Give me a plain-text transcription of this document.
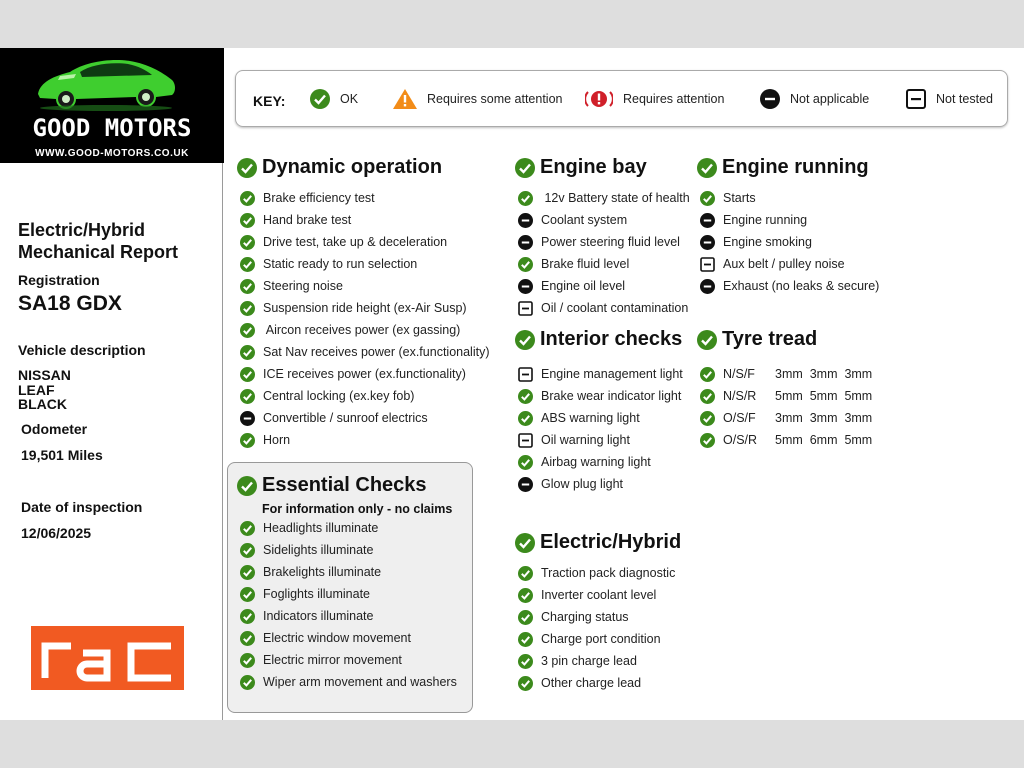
GOOD MOTORS
WWW.GOOD-MOTORS.CO.UK
Electric/Hybrid
Mechanical Report
Registration
SA18 GDX
Vehicle description
NISSAN
LEAF
BLACK
Odometer
19,501 Miles
Date of inspection
12/06/2025
KEY:	OK	Requires some attention	Requires attention	Not applicable	Not tested
Dynamic operation
Essential Checks
For information only - no claims
Engine bay
Interior checks
Electric/Hybrid
Engine running
Tyre tread
Brake efficiency test
Hand brake test
Drive test, take up & deceleration
Static ready to run selection
Steering noise
Suspension ride height (ex-Air Susp)
Aircon receives power (ex gassing)
Sat Nav receives power (ex.functionality)
ICE receives power (ex.functionality)
Central locking (ex.key fob)
Convertible / sunroof electrics
Horn
Headlights illuminate
Sidelights illuminate
Brakelights illuminate
Foglights illuminate
Indicators illuminate
Electric window movement
Electric mirror movement
Wiper arm movement and washers
12v Battery state of health
Coolant system
Power steering fluid level
Brake fluid level
Engine oil level
Oil / coolant contamination
Engine management light
Brake wear indicator light
ABS warning light
Oil warning light
Airbag warning light
Glow plug light
Traction pack diagnostic
Inverter coolant level
Charging status
Charge port condition
3 pin charge lead
Other charge lead
Starts
Engine running
Engine smoking
Aux belt / pulley noise
Exhaust (no leaks & secure)
N/S/F	3mm  3mm  3mm
N/S/R	5mm  5mm  5mm
O/S/F	3mm  3mm  3mm
O/S/R	5mm  6mm  5mm
